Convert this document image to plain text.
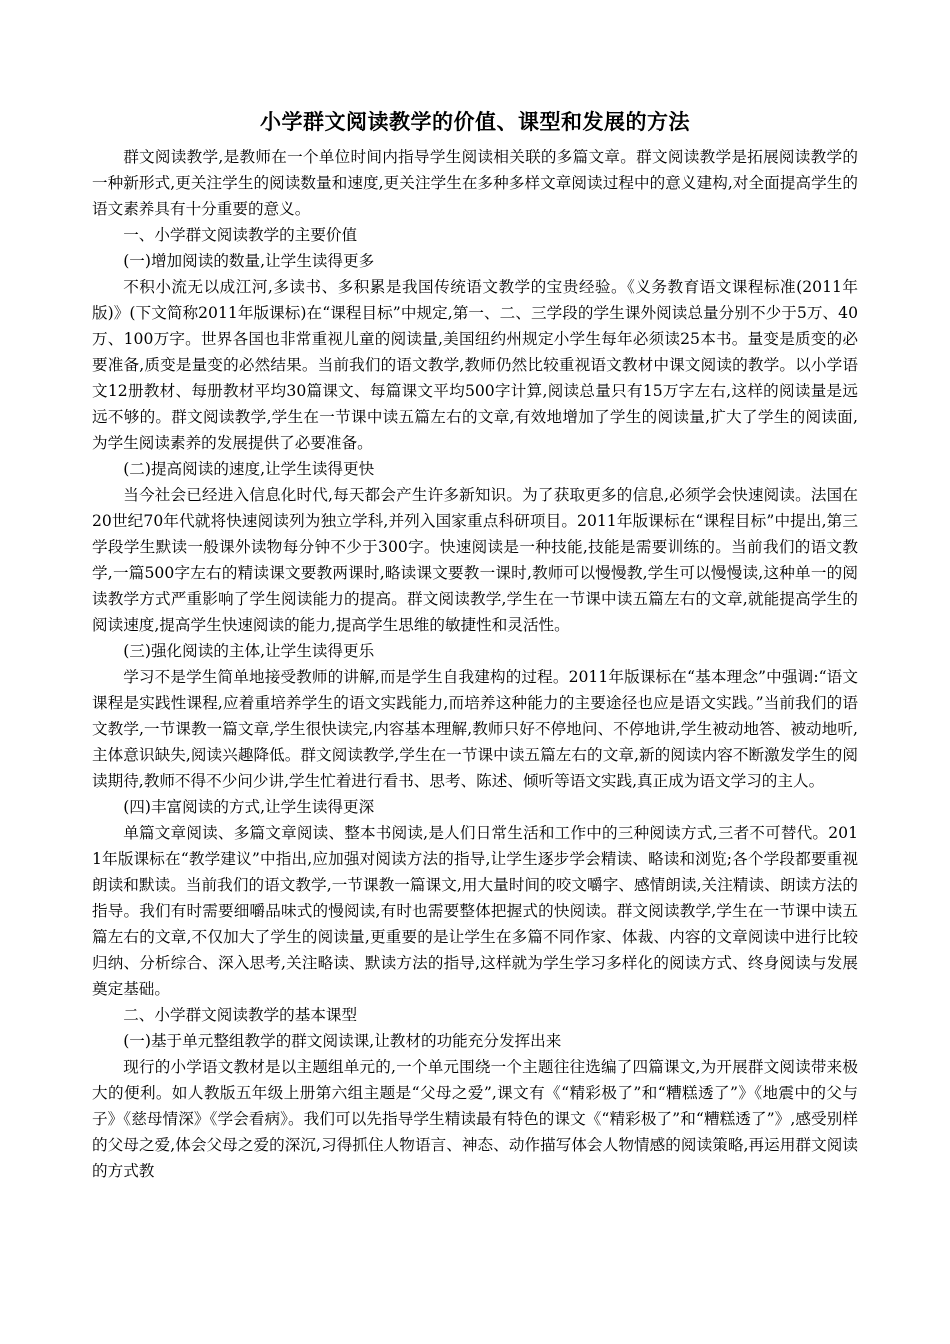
小学群文阅读教学的价值、课型和发展的方法

群文阅读教学,是教师在一个单位时间内指导学生阅读相关联的多篇文章。群文阅读教学是拓展阅读教学的一种新形式,更关注学生的阅读数量和速度,更关注学生在多种多样文章阅读过程中的意义建构,对全面提高学生的语文素养具有十分重要的意义。

一、小学群文阅读教学的主要价值

(一)增加阅读的数量,让学生读得更多

不积小流无以成江河,多读书、多积累是我国传统语文教学的宝贵经验。《义务教育语文课程标准(2011年版)》(下文简称2011年版课标)在“课程目标”中规定,第一、二、三学段的学生课外阅读总量分别不少于5万、40万、100万字。世界各国也非常重视儿童的阅读量,美国纽约州规定小学生每年必须读25本书。量变是质变的必要准备,质变是量变的必然结果。当前我们的语文教学,教师仍然比较重视语文教材中课文阅读的教学。以小学语文12册教材、每册教材平均30篇课文、每篇课文平均500字计算,阅读总量只有15万字左右,这样的阅读量是远远不够的。群文阅读教学,学生在一节课中读五篇左右的文章,有效地增加了学生的阅读量,扩大了学生的阅读面,为学生阅读素养的发展提供了必要准备。

(二)提高阅读的速度,让学生读得更快

当今社会已经进入信息化时代,每天都会产生许多新知识。为了获取更多的信息,必须学会快速阅读。法国在20世纪70年代就将快速阅读列为独立学科,并列入国家重点科研项目。2011年版课标在“课程目标”中提出,第三学段学生默读一般课外读物每分钟不少于300字。快速阅读是一种技能,技能是需要训练的。当前我们的语文教学,一篇500字左右的精读课文要教两课时,略读课文要教一课时,教师可以慢慢教,学生可以慢慢读,这种单一的阅读教学方式严重影响了学生阅读能力的提高。群文阅读教学,学生在一节课中读五篇左右的文章,就能提高学生的阅读速度,提高学生快速阅读的能力,提高学生思维的敏捷性和灵活性。

(三)强化阅读的主体,让学生读得更乐

学习不是学生简单地接受教师的讲解,而是学生自我建构的过程。2011年版课标在“基本理念”中强调:“语文课程是实践性课程,应着重培养学生的语文实践能力,而培养这种能力的主要途径也应是语文实践。”当前我们的语文教学,一节课教一篇文章,学生很快读完,内容基本理解,教师只好不停地问、不停地讲,学生被动地答、被动地听,主体意识缺失,阅读兴趣降低。群文阅读教学,学生在一节课中读五篇左右的文章,新的阅读内容不断激发学生的阅读期待,教师不得不少问少讲,学生忙着进行看书、思考、陈述、倾听等语文实践,真正成为语文学习的主人。

(四)丰富阅读的方式,让学生读得更深

单篇文章阅读、多篇文章阅读、整本书阅读,是人们日常生活和工作中的三种阅读方式,三者不可替代。2011年版课标在“教学建议”中指出,应加强对阅读方法的指导,让学生逐步学会精读、略读和浏览;各个学段都要重视朗读和默读。当前我们的语文教学,一节课教一篇课文,用大量时间的咬文嚼字、感情朗读,关注精读、朗读方法的指导。我们有时需要细嚼品味式的慢阅读,有时也需要整体把握式的快阅读。群文阅读教学,学生在一节课中读五篇左右的文章,不仅加大了学生的阅读量,更重要的是让学生在多篇不同作家、体裁、内容的文章阅读中进行比较归纳、分析综合、深入思考,关注略读、默读方法的指导,这样就为学生学习多样化的阅读方式、终身阅读与发展奠定基础。

二、小学群文阅读教学的基本课型

(一)基于单元整组教学的群文阅读课,让教材的功能充分发挥出来

现行的小学语文教材是以主题组单元的,一个单元围绕一个主题往往选编了四篇课文,为开展群文阅读带来极大的便利。如人教版五年级上册第六组主题是“父母之爱”,课文有《“精彩极了”和“糟糕透了”》《地震中的父与子》《慈母情深》《学会看病》。我们可以先指导学生精读最有特色的课文《“精彩极了”和“糟糕透了”》,感受别样的父母之爱,体会父母之爱的深沉,习得抓住人物语言、神态、动作描写体会人物情感的阅读策略,再运用群文阅读的方式教
